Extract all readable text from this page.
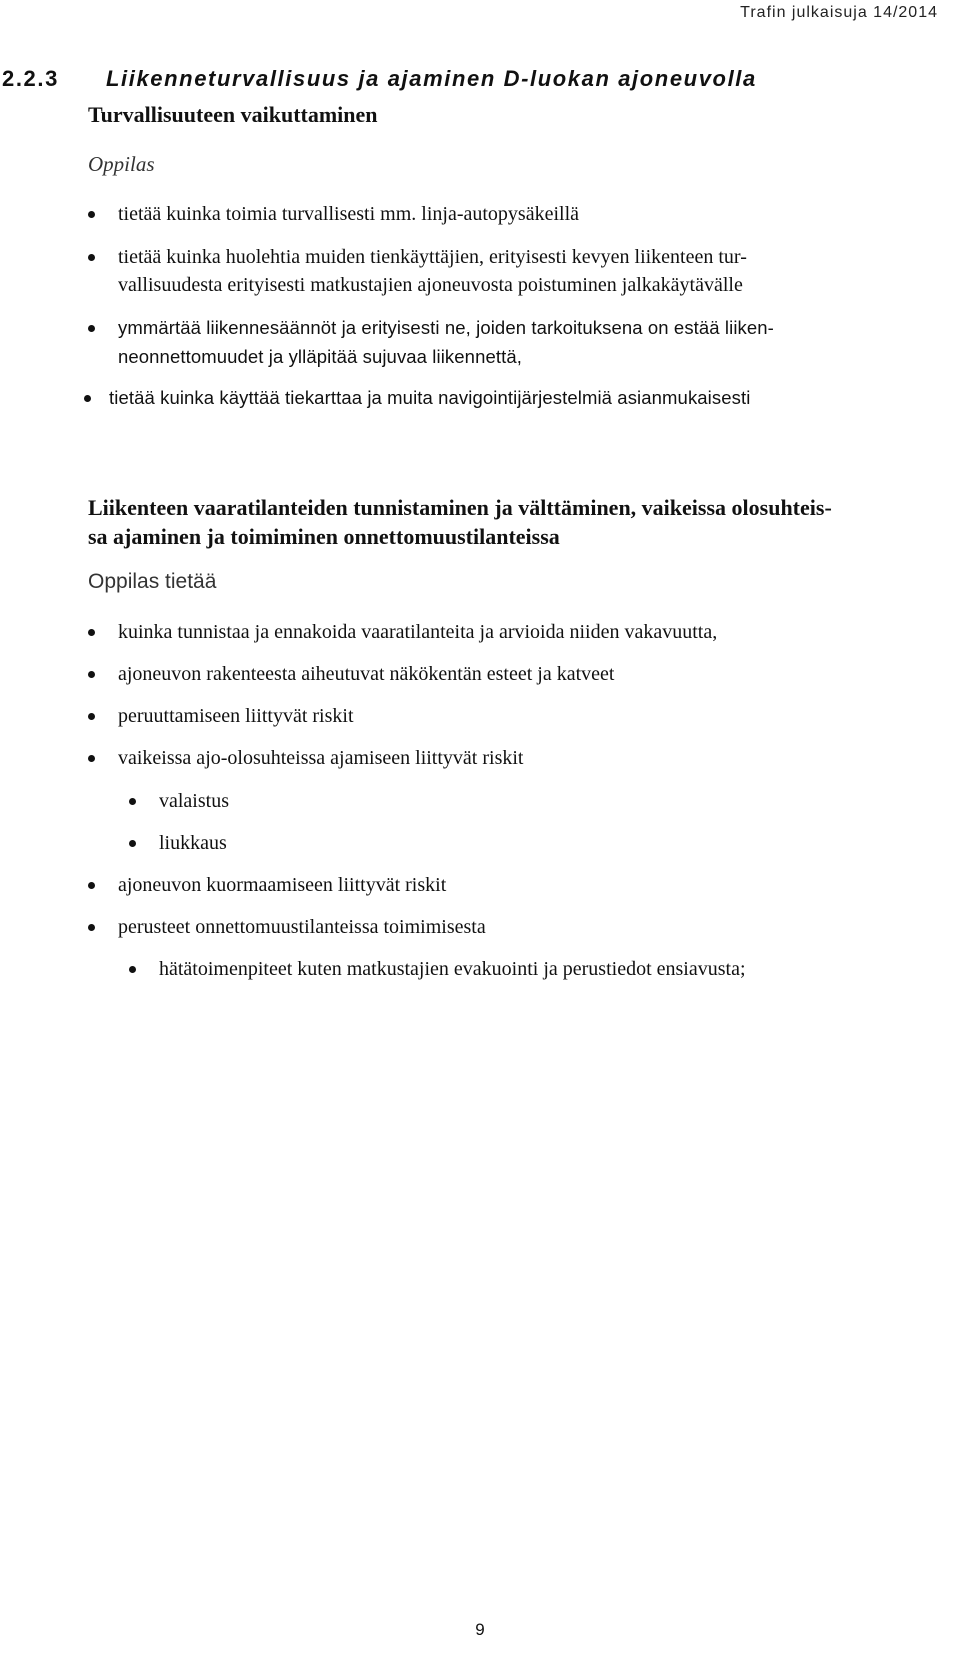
Trafin julkaisuja 14/2014
2.2.3 Liikenneturvallisuus ja ajaminen D-luokan ajoneuvolla
Turvallisuuteen vaikuttaminen
Oppilas
tietää kuinka toimia turvallisesti mm. linja-autopysäkeillä
tietää kuinka huolehtia muiden tienkäyttäjien, erityisesti kevyen liikenteen tur-
vallisuudesta erityisesti matkustajien ajoneuvosta poistuminen jalkakäytävälle
ymmärtää liikennesäännöt ja erityisesti ne, joiden tarkoituksena on estää liiken-
neonnettomuudet ja ylläpitää sujuvaa liikennettä,
tietää kuinka käyttää tiekarttaa ja muita navigointijärjestelmiä asianmukaisesti
Liikenteen vaaratilanteiden tunnistaminen ja välttäminen, vaikeissa olosuhteis-
sa ajaminen ja toimiminen onnettomuustilanteissa
Oppilas tietää
kuinka tunnistaa ja ennakoida vaaratilanteita ja arvioida niiden vakavuutta,
ajoneuvon rakenteesta aiheutuvat näkökentän esteet ja katveet
peruuttamiseen liittyvät riskit
vaikeissa ajo-olosuhteissa ajamiseen liittyvät riskit
valaistus
liukkaus
ajoneuvon kuormaamiseen liittyvät riskit
perusteet onnettomuustilanteissa toimimisesta
hätätoimenpiteet kuten matkustajien evakuointi ja perustiedot ensiavusta;
9
